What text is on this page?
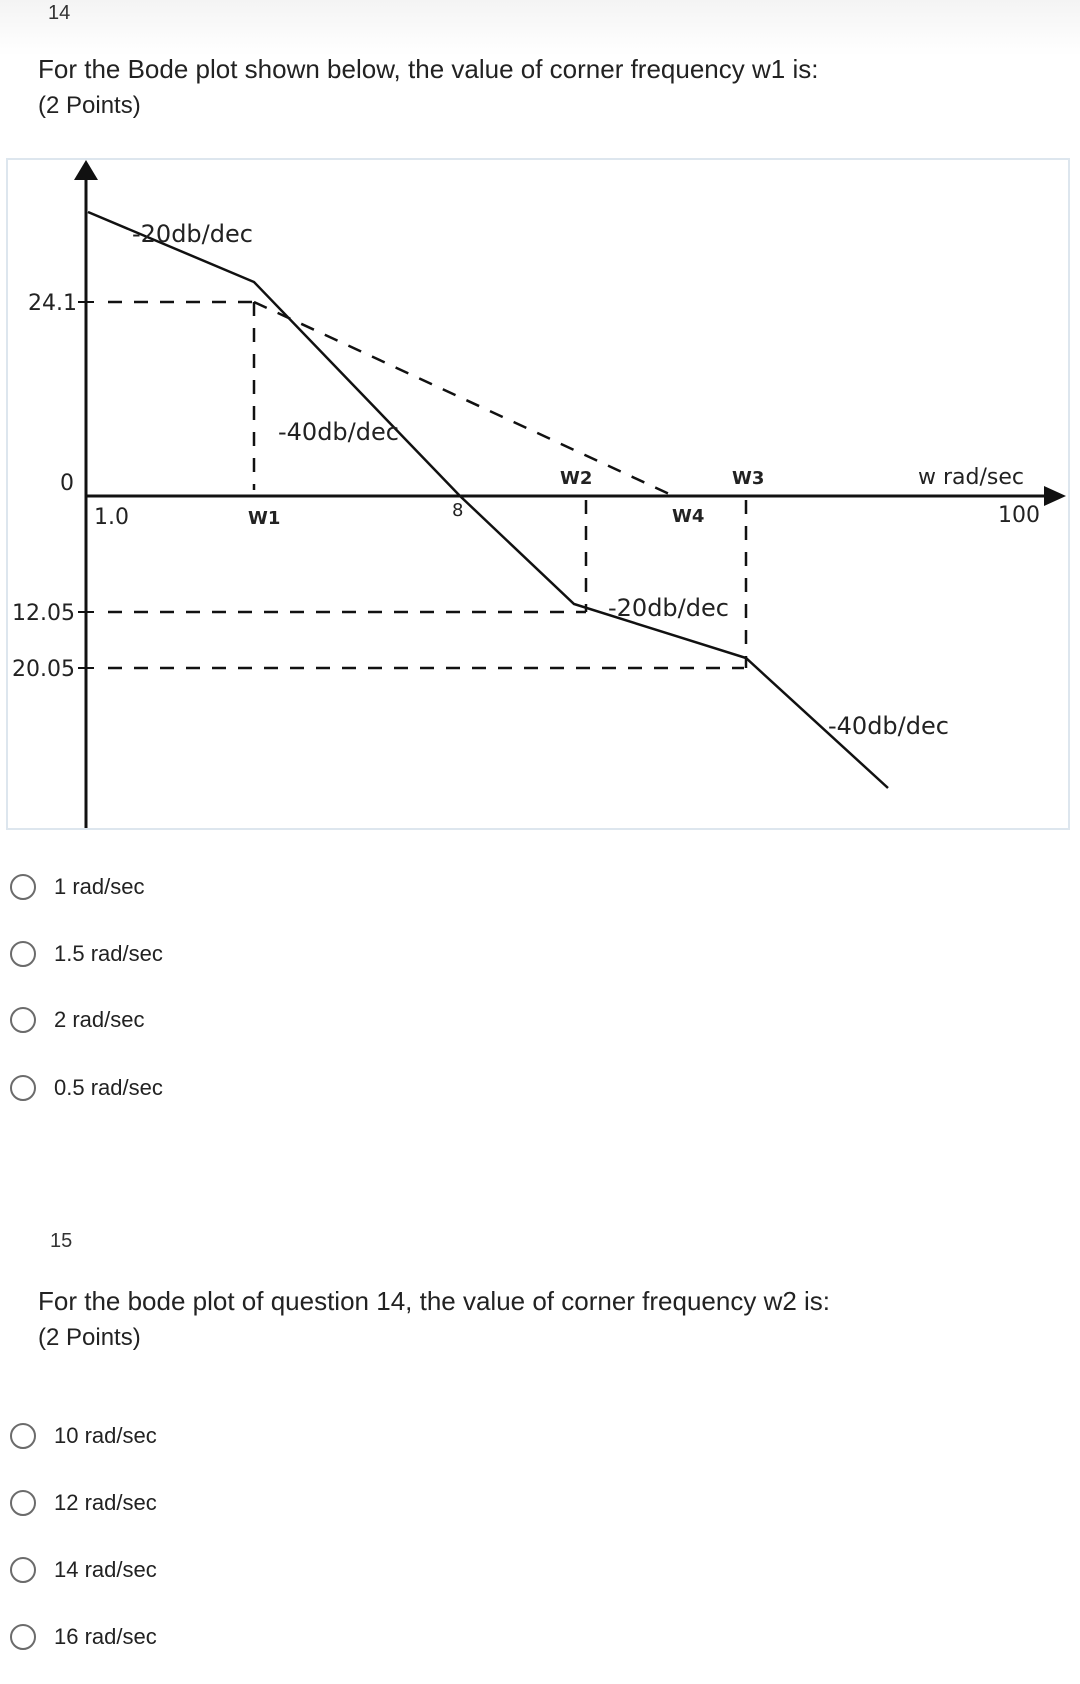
14
For the Bode plot shown below, the value of corner frequency w1 is:
(2 Points)
24.1
0
12.05
20.05
1.0	W1	8
W2
W4
W3	w rad/sec
100
-20db/dec
-40db/dec
-20db/dec
-40db/dec
1 rad/sec
1.5 rad/sec
2 rad/sec
0.5 rad/sec
15
For the bode plot of question 14, the value of corner frequency w2 is:
(2 Points)
10 rad/sec
12 rad/sec
14 rad/sec
16 rad/sec
